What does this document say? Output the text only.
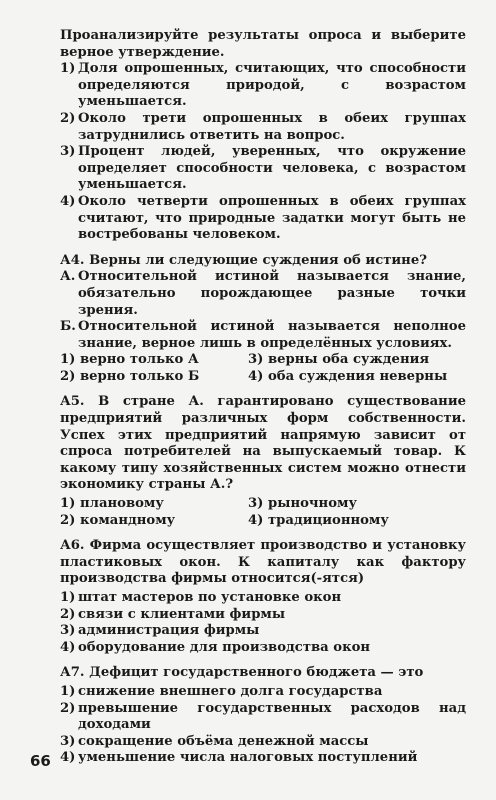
Проанализируйте результаты опроса и выберите верное утверждение.

1) Доля опрошенных, считающих, что способности определяются природой, с возрастом уменьшается.
2) Около трети опрошенных в обеих группах затруднились ответить на вопрос.
3) Процент людей, уверенных, что окружение определяет способности человека, с возрастом уменьшается.
4) Около четверти опрошенных в обеих группах считают, что природные задатки могут быть не востребованы человеком.

А4. Верны ли следующие суждения об истине?

А. Относительной истиной называется знание, обязательно порождающее разные точки зрения.
Б. Относительной истиной называется неполное знание, верное лишь в определённых условиях.
1) верно только А	3) верны оба суждения
2) верно только Б	4) оба суждения неверны

А5. В стране А. гарантировано существование предприятий различных форм собственности. Успех этих предприятий напрямую зависит от спроса потребителей на выпускаемый товар. К какому типу хозяйственных систем можно отнести экономику страны А.?

1) плановому	3) рыночному
2) командному	4) традиционному

А6. Фирма осуществляет производство и установку пластиковых окон. К капиталу как фактору производства фирмы относится(-ятся)

1) штат мастеров по установке окон
2) связи с клиентами фирмы
3) администрация фирмы
4) оборудование для производства окон

А7. Дефицит государственного бюджета — это

1) снижение внешнего долга государства
2) превышение государственных расходов над доходами
3) сокращение объёма денежной массы
4) уменьшение числа налоговых поступлений
66
